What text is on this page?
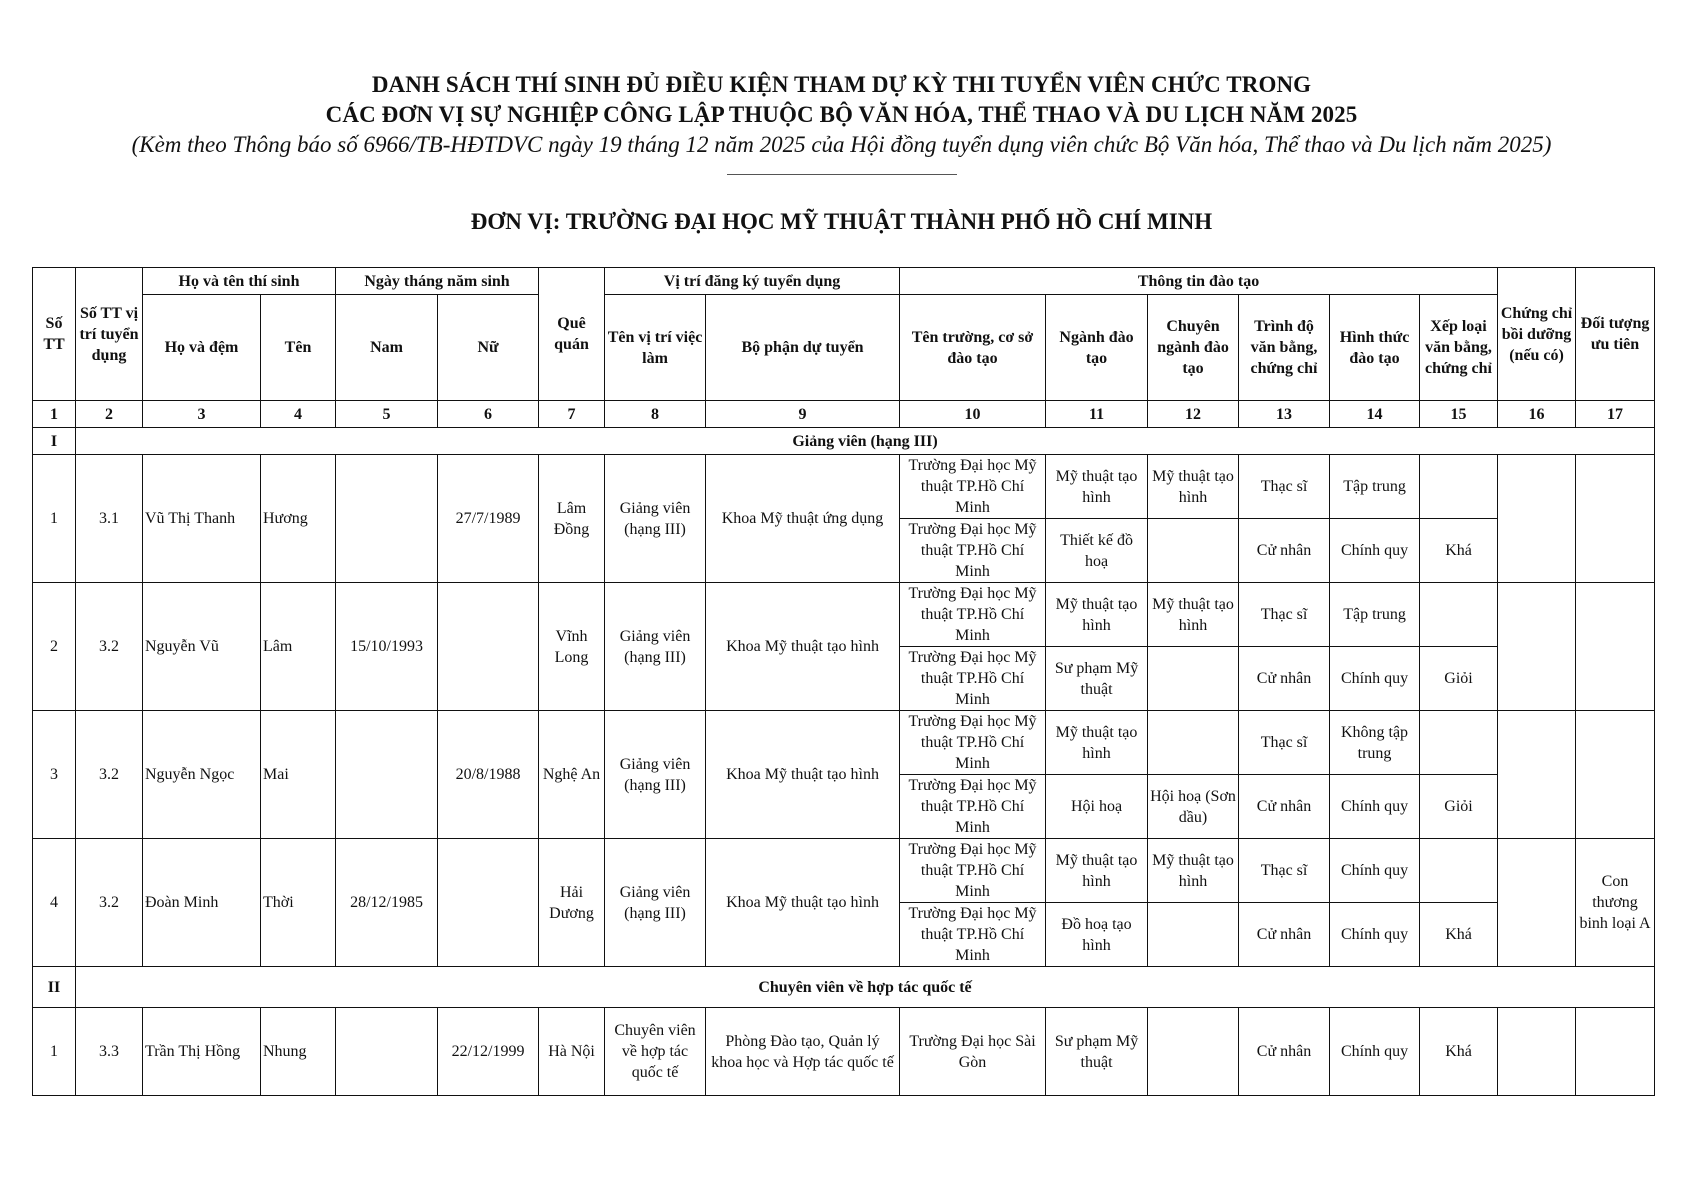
DANH SÁCH THÍ SINH ĐỦ ĐIỀU KIỆN THAM DỰ KỲ THI TUYỂN VIÊN CHỨC TRONG
CÁC ĐƠN VỊ SỰ NGHIỆP CÔNG LẬP THUỘC BỘ VĂN HÓA, THỂ THAO VÀ DU LỊCH NĂM 2025
(Kèm theo Thông báo số 6966/TB-HĐTDVC ngày 19 tháng 12 năm 2025 của Hội đồng tuyển dụng viên chức Bộ Văn hóa, Thể thao và Du lịch năm 2025)
ĐƠN VỊ: TRƯỜNG ĐẠI HỌC MỸ THUẬT THÀNH PHỐ HỒ CHÍ MINH
Số TT	Số TT vị trí tuyển dụng	Họ và tên thí sinh		Ngày tháng năm sinh		Quê quán	Vị trí đăng ký tuyển dụng		Thông tin đào tạo						Chứng chỉ bồi dưỡng (nếu có)	Đối tượng ưu tiên
		Họ và đệm	Tên	Nam	Nữ		Tên vị trí việc làm	Bộ phận dự tuyển	Tên trường, cơ sở đào tạo	Ngành đào tạo	Chuyên ngành đào tạo	Trình độ văn bằng, chứng chỉ	Hình thức đào tạo	Xếp loại văn bằng, chứng chỉ		
1	2	3	4	5	6	7	8	9	10	11	12	13	14	15	16	17
I	Giảng viên (hạng III)															
1	3.1	Vũ Thị Thanh	Hương		27/7/1989	Lâm Đồng	Giảng viên (hạng III)	Khoa Mỹ thuật ứng dụng	Trường Đại học Mỹ thuật TP.Hồ Chí Minh	Mỹ thuật tạo hình	Mỹ thuật tạo hình	Thạc sĩ	Tập trung			
									Trường Đại học Mỹ thuật TP.Hồ Chí Minh	Thiết kế đồ hoạ		Cử nhân	Chính quy	Khá		
2	3.2	Nguyễn Vũ	Lâm	15/10/1993		Vĩnh Long	Giảng viên (hạng III)	Khoa Mỹ thuật tạo hình	Trường Đại học Mỹ thuật TP.Hồ Chí Minh	Mỹ thuật tạo hình	Mỹ thuật tạo hình	Thạc sĩ	Tập trung			
									Trường Đại học Mỹ thuật TP.Hồ Chí Minh	Sư phạm Mỹ thuật		Cử nhân	Chính quy	Giỏi		
3	3.2	Nguyễn Ngọc	Mai		20/8/1988	Nghệ An	Giảng viên (hạng III)	Khoa Mỹ thuật tạo hình	Trường Đại học Mỹ thuật TP.Hồ Chí Minh	Mỹ thuật tạo hình		Thạc sĩ	Không tập trung			
									Trường Đại học Mỹ thuật TP.Hồ Chí Minh	Hội hoạ	Hội hoạ (Sơn dầu)	Cử nhân	Chính quy	Giỏi		
4	3.2	Đoàn Minh	Thời	28/12/1985		Hải Dương	Giảng viên (hạng III)	Khoa Mỹ thuật tạo hình	Trường Đại học Mỹ thuật TP.Hồ Chí Minh	Mỹ thuật tạo hình	Mỹ thuật tạo hình	Thạc sĩ	Chính quy			Con thương binh loại A
									Trường Đại học Mỹ thuật TP.Hồ Chí Minh	Đồ hoạ tạo hình		Cử nhân	Chính quy	Khá		
II	Chuyên viên về hợp tác quốc tế															
1	3.3	Trần Thị Hồng	Nhung		22/12/1999	Hà Nội	Chuyên viên về hợp tác quốc tế	Phòng Đào tạo, Quản lý khoa học và Hợp tác quốc tế	Trường Đại học Sài Gòn	Sư phạm Mỹ thuật		Cử nhân	Chính quy	Khá		
